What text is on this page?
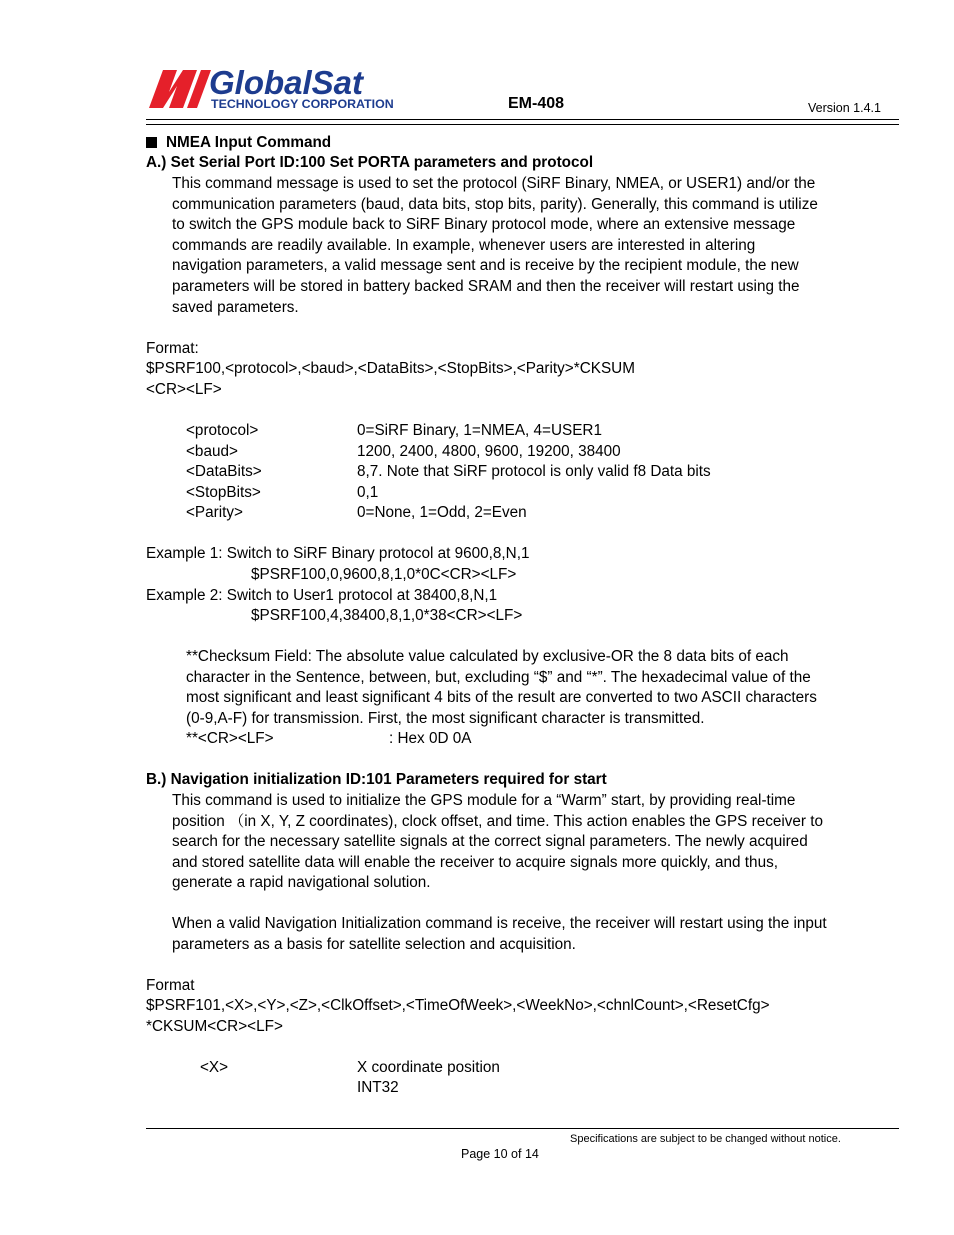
GlobalSat
TECHNOLOGY CORPORATION	EM-408	Version 1.4.1
NMEA Input Command
A.) Set Serial Port ID:100 Set PORTA parameters and protocol
This command message is used to set the protocol (SiRF Binary, NMEA, or USER1) and/or the
communication parameters (baud, data bits, stop bits, parity). Generally, this command is utilize
to switch the GPS module back to SiRF Binary protocol mode, where an extensive message
commands are readily available. In example, whenever users are interested in altering
navigation parameters, a valid message sent and is receive by the recipient module, the new
parameters will be stored in battery backed SRAM and then the receiver will restart using the
saved parameters.
Format:
$PSRF100,<protocol>,<baud>,<DataBits>,<StopBits>,<Parity>*CKSUM
<CR><LF>
<protocol>	0=SiRF Binary, 1=NMEA, 4=USER1
<baud>	1200, 2400, 4800, 9600, 19200, 38400
<DataBits>	8,7. Note that SiRF protocol is only valid f8 Data bits
<StopBits>	0,1
<Parity>	0=None, 1=Odd, 2=Even
Example 1: Switch to SiRF Binary protocol at 9600,8,N,1
$PSRF100,0,9600,8,1,0*0C<CR><LF>
Example 2: Switch to User1 protocol at 38400,8,N,1
$PSRF100,4,38400,8,1,0*38<CR><LF>
**Checksum Field: The absolute value calculated by exclusive-OR the 8 data bits of each
character in the Sentence, between, but, excluding “$” and “*”. The hexadecimal value of the
most significant and least significant 4 bits of the result are converted to two ASCII characters
(0-9,A-F) for transmission. First, the most significant character is transmitted.
**<CR><LF>	: Hex 0D 0A
B.) Navigation initialization ID:101 Parameters required for start
This command is used to initialize the GPS module for a “Warm” start, by providing real-time
position （in X, Y, Z coordinates), clock offset, and time. This action enables the GPS receiver to
search for the necessary satellite signals at the correct signal parameters. The newly acquired
and stored satellite data will enable the receiver to acquire signals more quickly, and thus,
generate a rapid navigational solution.
When a valid Navigation Initialization command is receive, the receiver will restart using the input
parameters as a basis for satellite selection and acquisition.
Format
$PSRF101,<X>,<Y>,<Z>,<ClkOffset>,<TimeOfWeek>,<WeekNo>,<chnlCount>,<ResetCfg>
*CKSUM<CR><LF>
<X>	X coordinate position
INT32
Specifications are subject to be changed without notice.
Page 10 of 14
